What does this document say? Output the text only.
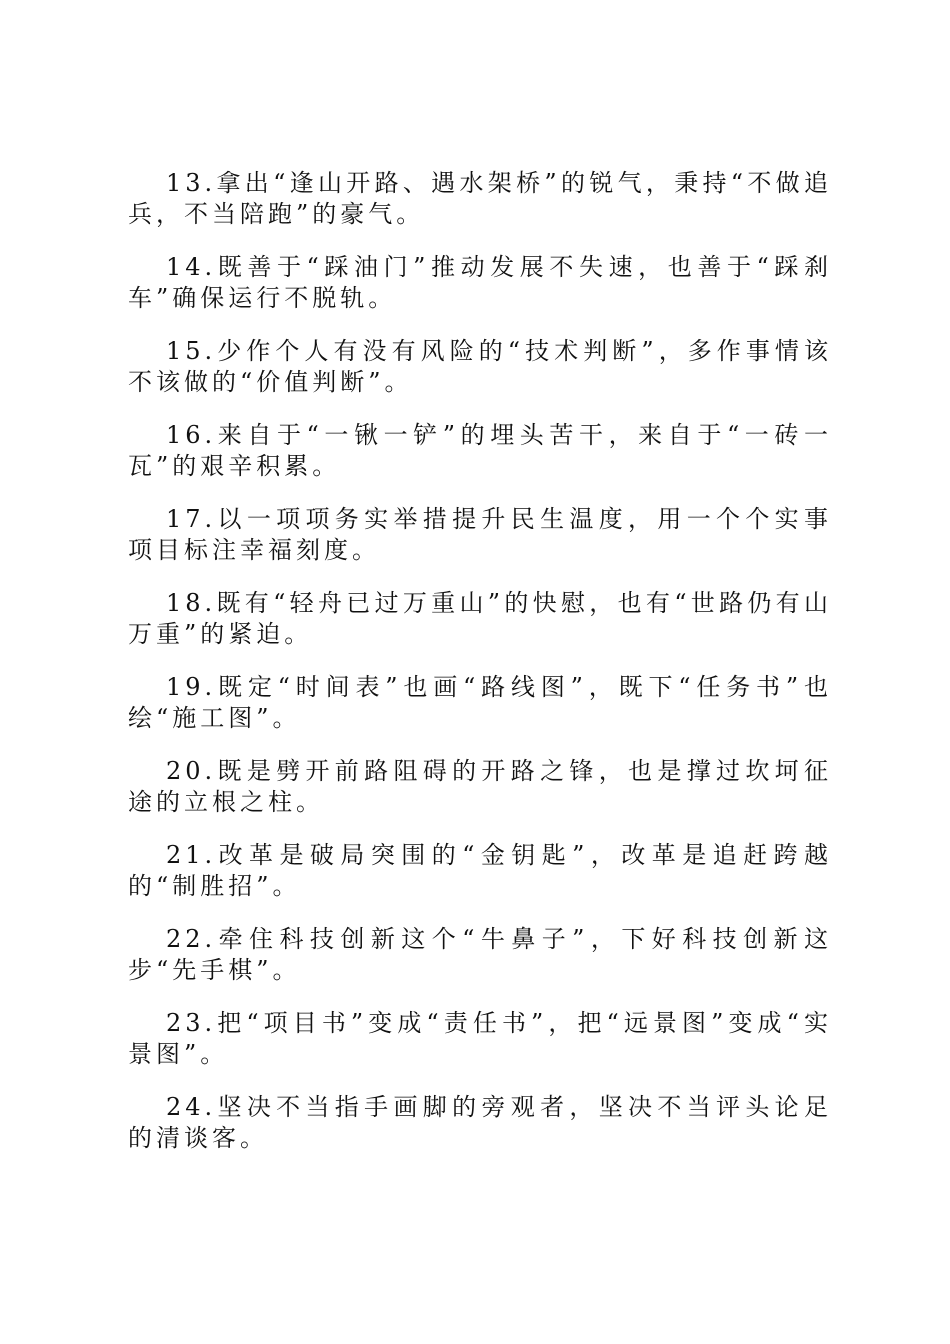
13.拿出“逢山开路、遇水架桥”的锐气，秉持“不做追兵，不当陪跑”的豪气。

14.既善于“踩油门”推动发展不失速，也善于“踩刹车”确保运行不脱轨。

15.少作个人有没有风险的“技术判断”，多作事情该不该做的“价值判断”。

16.来自于“一锹一铲”的埋头苦干，来自于“一砖一瓦”的艰辛积累。

17.以一项项务实举措提升民生温度，用一个个实事项目标注幸福刻度。

18.既有“轻舟已过万重山”的快慰，也有“世路仍有山万重”的紧迫。

19.既定“时间表”也画“路线图”，既下“任务书”也绘“施工图”。

20.既是劈开前路阻碍的开路之锋，也是撑过坎坷征途的立根之柱。

21.改革是破局突围的“金钥匙”，改革是追赶跨越的“制胜招”。

22.牵住科技创新这个“牛鼻子”，下好科技创新这步“先手棋”。

23.把“项目书”变成“责任书”，把“远景图”变成“实景图”。

24.坚决不当指手画脚的旁观者，坚决不当评头论足的清谈客。
